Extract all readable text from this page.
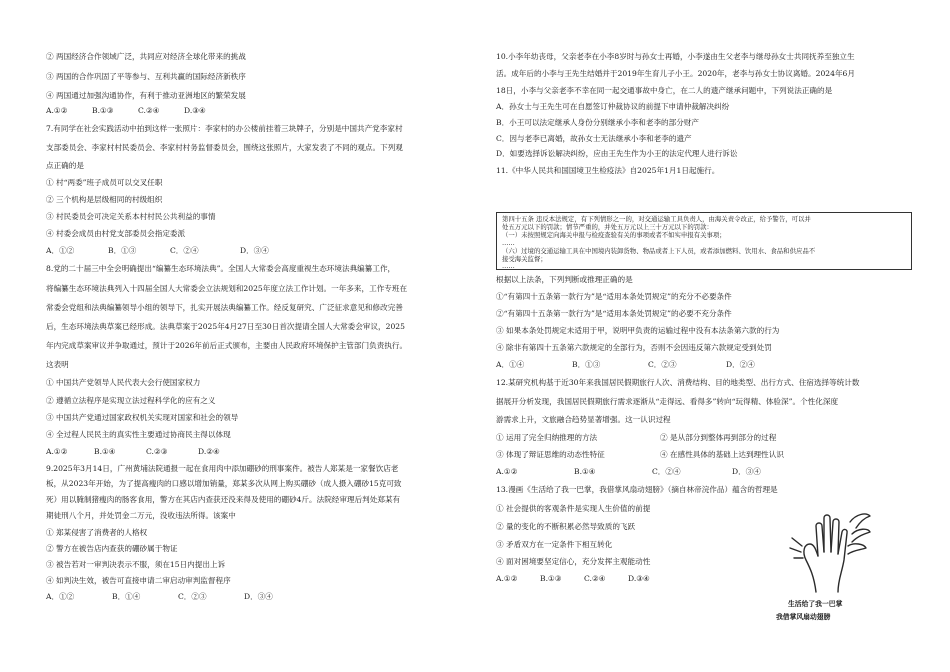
② 两国经济合作领域广泛，共同应对经济全球化带来的挑战
③ 两国的合作巩固了平等参与、互利共赢的国际经济新秩序
④ 两国通过加强沟通协作，有利于推动亚洲地区的繁荣发展
A.①②	B.①③	C.②④	D.③④
7.有同学在社会实践活动中拍到这样一张照片：李家村的办公楼前挂着三块牌子，分别是中国共产党李家村
支部委员会、李家村村民委员会、李家村村务监督委员会，围绕这张照片，大家发表了不同的观点。下列观
点正确的是
① 村“两委”班子成员可以交叉任职
② 三个机构是层级相同的村级组织
③ 村民委员会可决定关系本村村民公共利益的事情
④ 村委会成员由村党支部委员会指定委派
A．①②	B．①③	C．②④	D．③④
8.党的二十届三中全会明确提出“编纂生态环境法典”。全国人大常委会高度重视生态环境法典编纂工作，
将编纂生态环境法典列入十四届全国人大常委会立法规划和2025年度立法工作计划。一年多来，工作专班在
常委会党组和法典编纂领导小组的领导下，扎实开展法典编纂工作。经反复研究、广泛征求意见和修改完善
后，生态环境法典草案已经形成。法典草案于2025年4月27日至30日首次提请全国人大常委会审议，2025
年内完成草案审议并争取通过，预计于2026年前后正式颁布，主要由人民政府环境保护主管部门负责执行。
这表明
① 中国共产党领导人民代表大会行使国家权力
② 遵循立法程序是实现立法过程科学化的应有之义
③ 中国共产党通过国家政权机关实现对国家和社会的领导
④ 全过程人民民主的真实性主要通过协商民主得以体现
A.①②	B.①④	C.②③	D.②④
9.2025年3月14日，广州黄埔法院通报一起在食用肉中添加硼砂的刑事案件。被告人郑某是一家餐饮店老
板，从2023年开始，为了提高瘦肉的口感以增加销量，郑某多次从网上购买硼砂（成人摄入硼砂15克可致
死）用以腌制猪瘦肉的肠客食用，警方在其店内查获还没来得及使用的硼砂4斤。法院经审理后判处郑某有
期徒刑八个月，并处罚金二万元，没收违法所得。该案中
① 郑某侵害了消费者的人格权
② 警方在被告店内查获的硼砂属于物证
③ 被告若对一审判决表示不服，须在15日内提出上诉
④ 如判决生效，被告可直接申请二审启动审判监督程序
A．①②	B．①④	C．②③	D．③④
10.小李年幼丧母，父亲老李在小李8岁时与孙女士再婚，小李遂由生父老李与继母孙女士共同抚养至独立生
活。成年后的小李与王先生结婚并于2019年生育儿子小王。2020年，老李与孙女士协议离婚。2024年6月
18日，小李与父亲老李不幸在同一起交通事故中身亡，在二人的遗产继承问题中，下列说法正确的是
A．孙女士与王先生可在自愿签订仲裁协议的前提下申请仲裁解决纠纷
B．小王可以法定继承人身份分别继承小李和老李的部分财产
C．因与老李已离婚，故孙女士无法继承小李和老李的遗产
D．如要选择诉讼解决纠纷，应由王先生作为小王的法定代理人进行诉讼
11.《中华人民共和国国境卫生检疫法》自2025年1月1日起施行。
第四十五条 违反本法规定，有下列情形之一的，对交通运输工具负责人，由海关责令改正，给予警告，可以并
处五万元以下的罚款；情节严重的，并处五万元以上三十万元以下的罚款：
（一）未按照规定向海关申报与检疫查验有关的事项或者不如实申报有关事项；
……
（六）过境的交通运输工具在中国境内装卸货物、物品或者上下人员，或者添加燃料、饮用水、食品和供应品不
接受海关监督；
……
根据以上法条，下列判断或推理正确的是
①“有第四十五条第一款行为”是“适用本条处罚规定”的充分不必要条件
②“有第四十五条第一款行为”是“适用本条处罚规定”的必要不充分条件
③ 如果本条处罚规定未适用于甲，说明甲负责的运输过程中没有本法条第六款的行为
④ 除非有第四十五条第六款规定的全部行为，否则不会因违反第六款规定受到处罚
A．①④	B．①③	C．②③	D．②④
12.某研究机构基于近30年来我国居民假期旅行人次、消费结构、目的地类型、出行方式、住宿选择等统计数
据展开分析发现，我国居民假期旅行需求逐渐从“走得远、看得多”转向“玩得精、体验深”。个性化深度
游需求上升，文旅融合趋势显著增强。这一认识过程
① 运用了完全归纳推理的方法	② 是从部分到整体再到部分的过程
③ 体现了辩证思维的动态性特征	④ 在感性具体的基础上达到理性认识
A.①②	B.①④	C．②④	D．③④
13.漫画《生活给了我一巴掌，我借掌风扇动翅膀》（摘自林帝浣作品）蕴含的哲理是
① 社会提供的客观条件是实现人生价值的前提
② 量的变化的不断积累必然导致质的飞跃
③ 矛盾双方在一定条件下相互转化
④ 面对困境要坚定信心，充分发挥主观能动性
A.①②	B.①③	C.②④	D.③④
生活给了我一巴掌
我借掌风扇动翅膀
